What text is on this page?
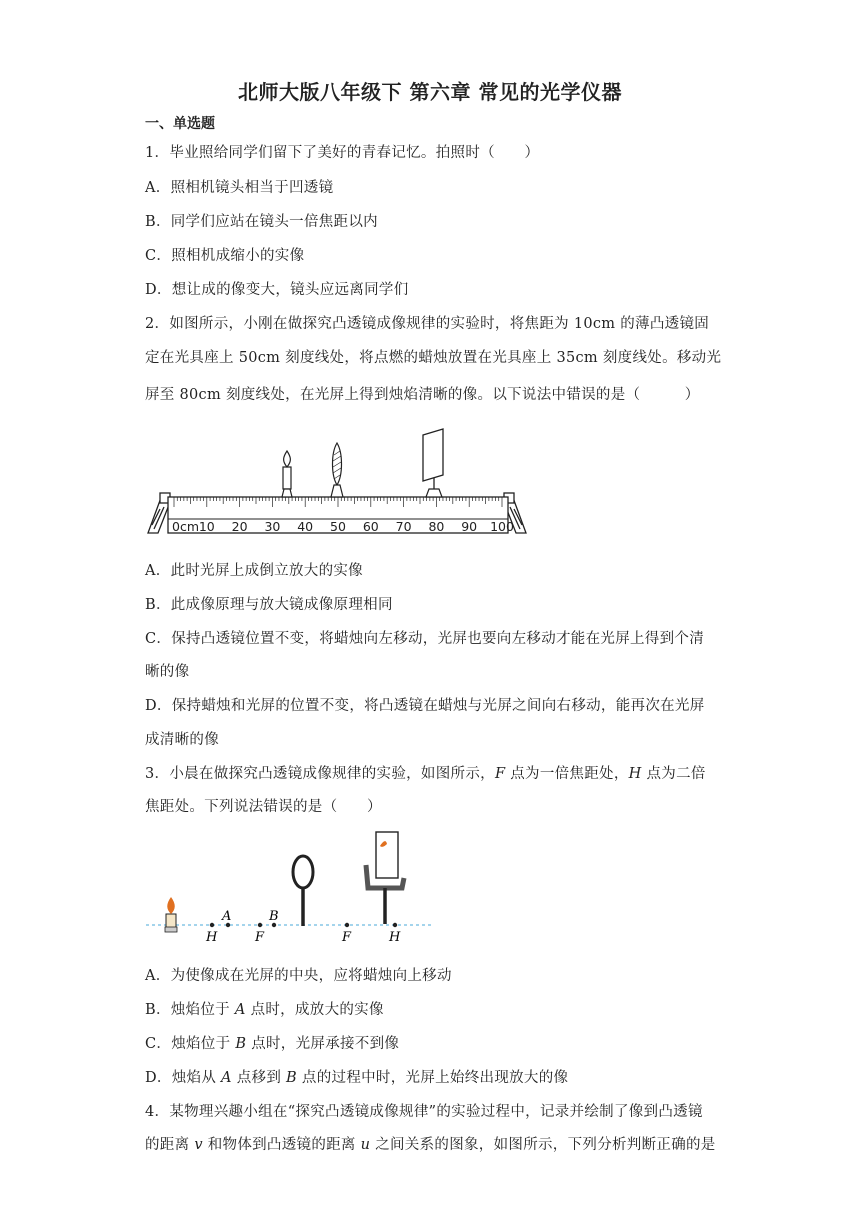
北师大版八年级下 第六章 常见的光学仪器
一、单选题
1．毕业照给同学们留下了美好的青春记忆。拍照时（　　）
A．照相机镜头相当于凹透镜
B．同学们应站在镜头一倍焦距以内
C．照相机成缩小的实像
D．想让成的像变大，镜头应远离同学们
2．如图所示，小刚在做探究凸透镜成像规律的实验时，将焦距为 10cm 的薄凸透镜固
定在光具座上 50cm 刻度线处，将点燃的蜡烛放置在光具座上 35cm 刻度线处。移动光
屏至 80cm 刻度线处，在光屏上得到烛焰清晰的像。以下说法中错误的是（　　　）
0cm 10 20 30 40 50 60 70 80 90 100
A．此时光屏上成倒立放大的实像
B．此成像原理与放大镜成像原理相同
C．保持凸透镜位置不变，将蜡烛向左移动，光屏也要向左移动才能在光屏上得到个清
晰的像
D．保持蜡烛和光屏的位置不变，将凸透镜在蜡烛与光屏之间向右移动，能再次在光屏
成清晰的像
3．小晨在做探究凸透镜成像规律的实验，如图所示，F 点为一倍焦距处，H 点为二倍
焦距处。下列说法错误的是（　　）
A	B
H	F	F	H
A．为使像成在光屏的中央，应将蜡烛向上移动
B．烛焰位于 A 点时，成放大的实像
C．烛焰位于 B 点时，光屏承接不到像
D．烛焰从 A 点移到 B 点的过程中时，光屏上始终出现放大的像
4．某物理兴趣小组在“探究凸透镜成像规律”的实验过程中，记录并绘制了像到凸透镜
的距离 v 和物体到凸透镜的距离 u 之间关系的图象，如图所示，下列分析判断正确的是
